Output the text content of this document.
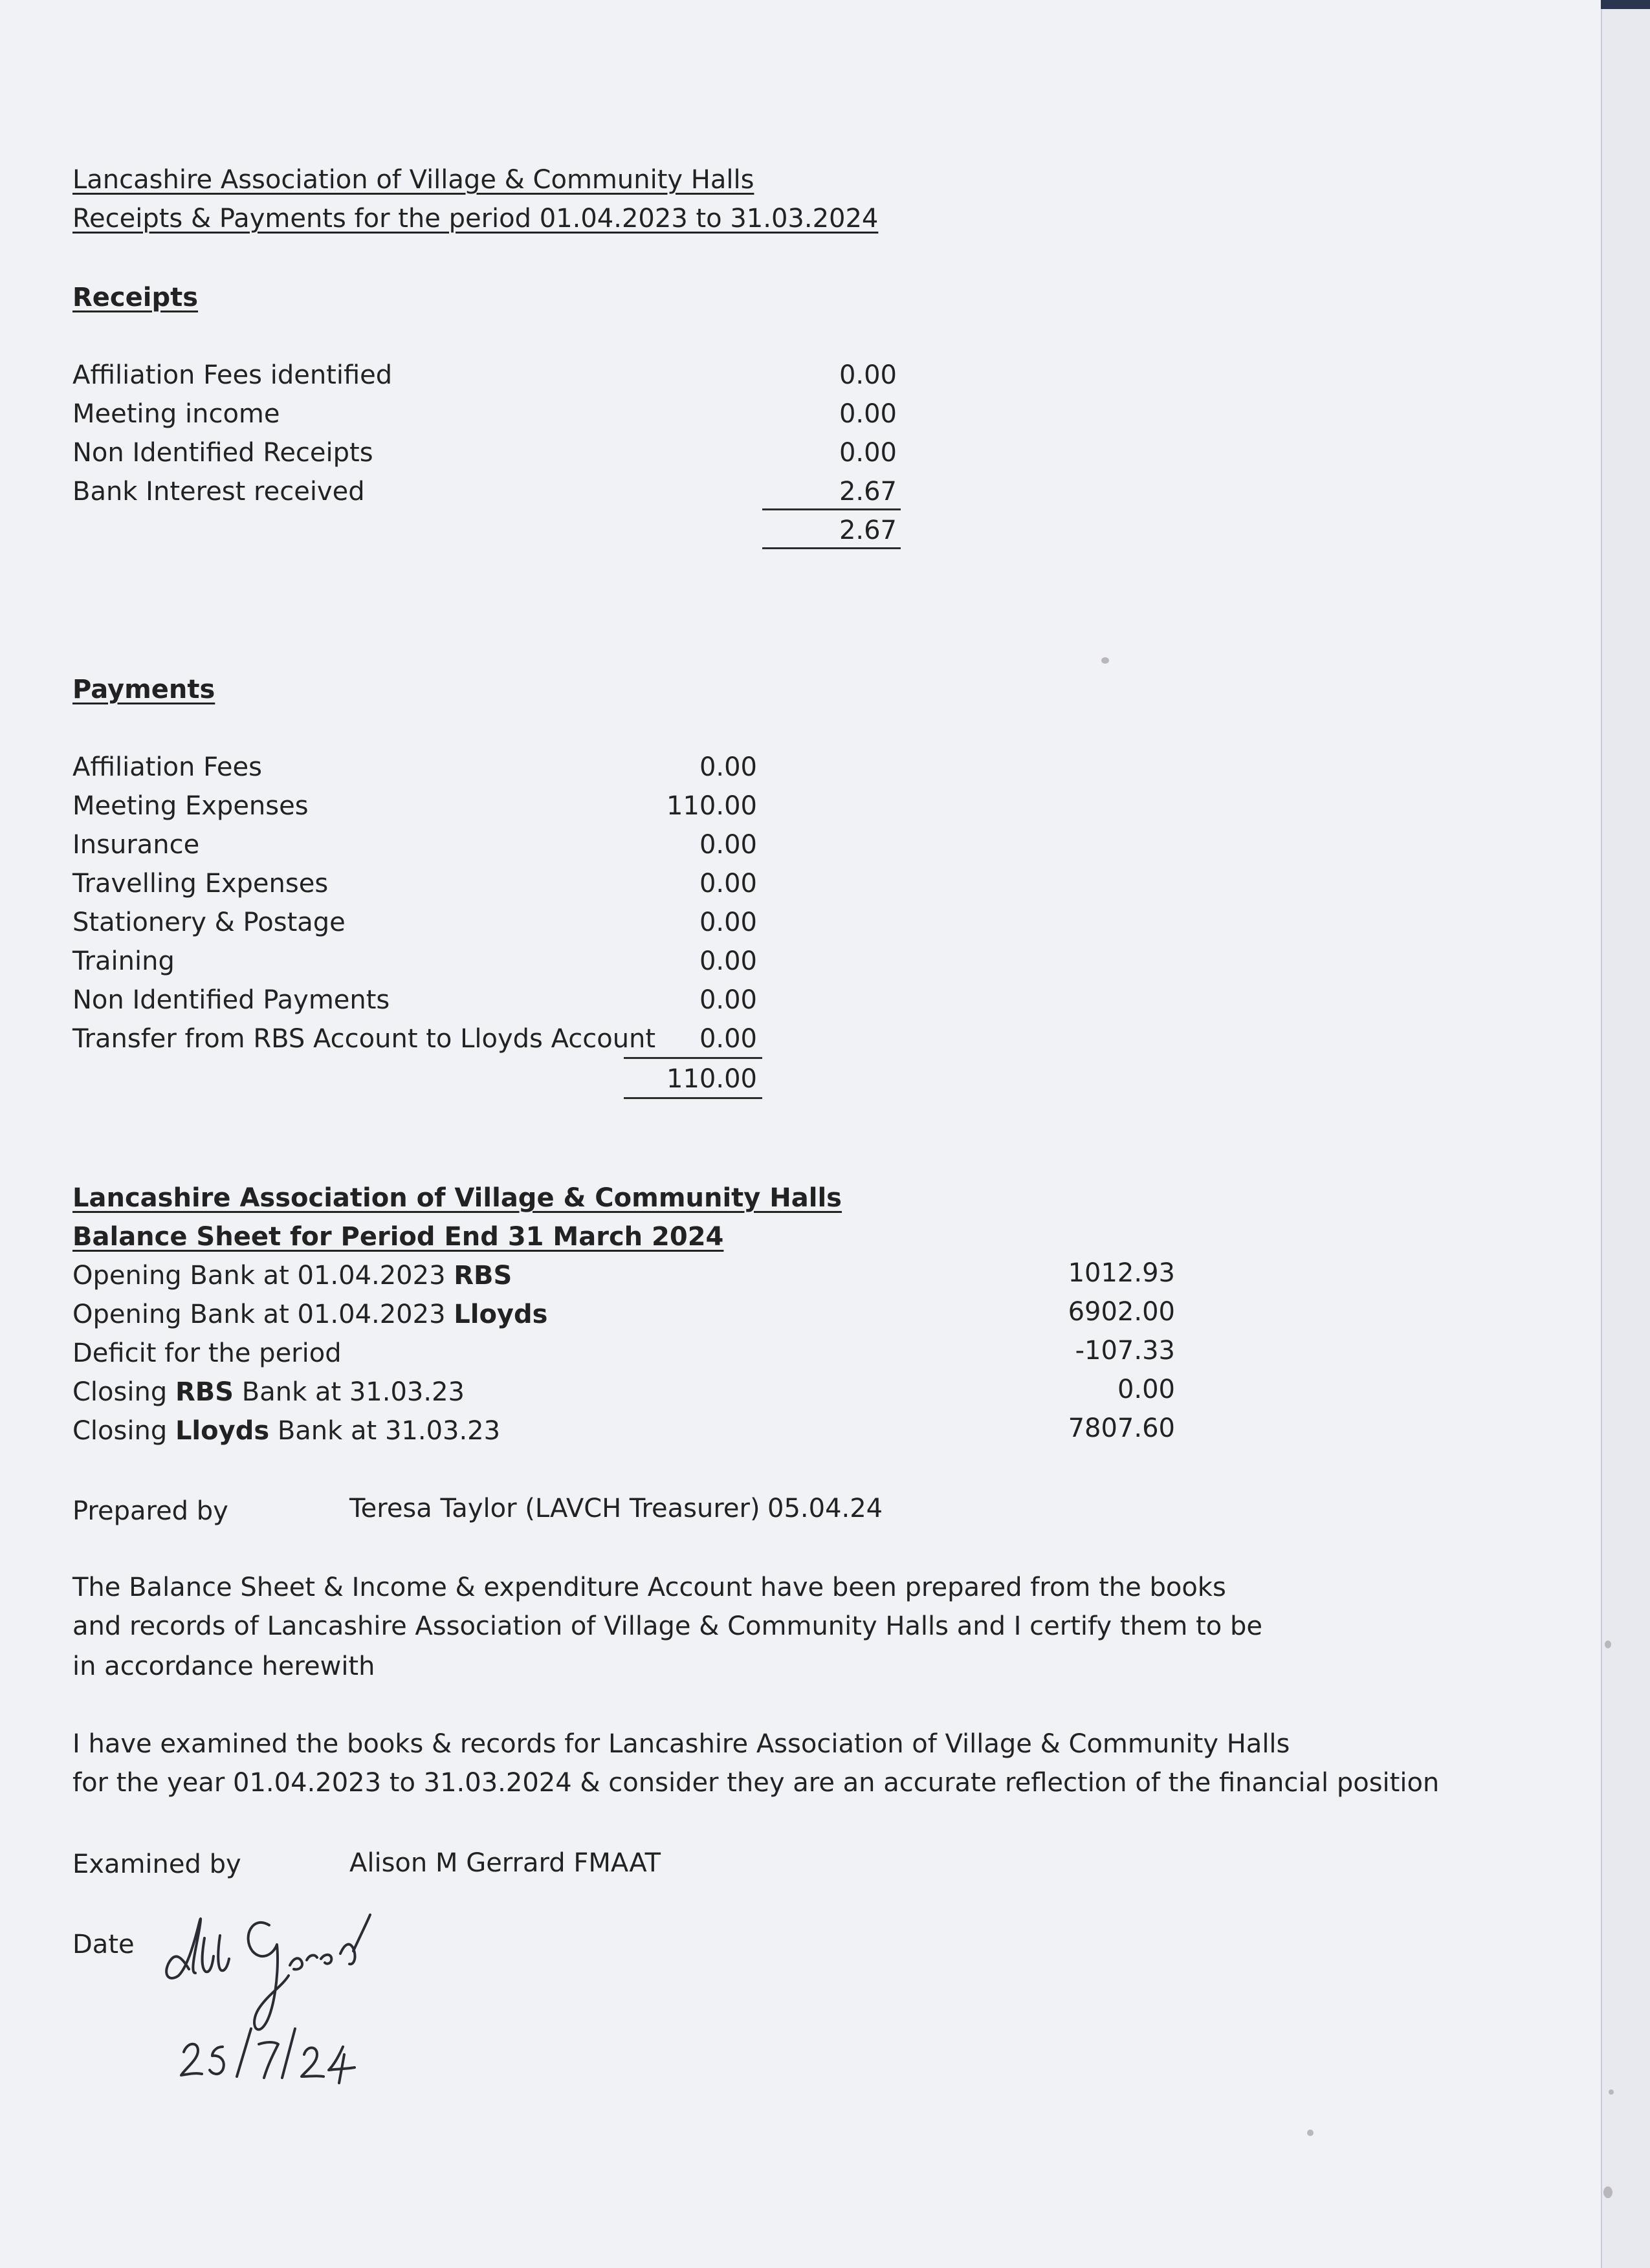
Lancashire Association of Village & Community Halls

Receipts & Payments for the period 01.04.2023 to 31.03.2024

Receipts

Affiliation Fees identified	0.00

Meeting income	0.00

Non Identified Receipts	0.00

Bank Interest received	2.67

2.67

Payments

Affiliation Fees	0.00

Meeting Expenses	110.00

Insurance	0.00

Travelling Expenses	0.00

Stationery & Postage	0.00

Training	0.00

Non Identified Payments	0.00

Transfer from RBS Account to Lloyds Account	0.00

110.00

Lancashire Association of Village & Community Halls

Balance Sheet for Period End 31 March 2024

Opening Bank at 01.04.2023 RBS	1012.93

Opening Bank at 01.04.2023 Lloyds	6902.00

Deficit for the period	-107.33

Closing RBS Bank at 31.03.23	0.00

Closing Lloyds Bank at 31.03.23	7807.60

Prepared by	Teresa Taylor (LAVCH Treasurer) 05.04.24

The Balance Sheet & Income & expenditure Account have been prepared from the books

and records of Lancashire Association of Village & Community Halls and I certify them to be

in accordance herewith

I have examined the books & records for Lancashire Association of Village & Community Halls

for the year 01.04.2023 to 31.03.2024 & consider they are an accurate reflection of the financial position

Examined by	Alison M Gerrard FMAAT

Date
